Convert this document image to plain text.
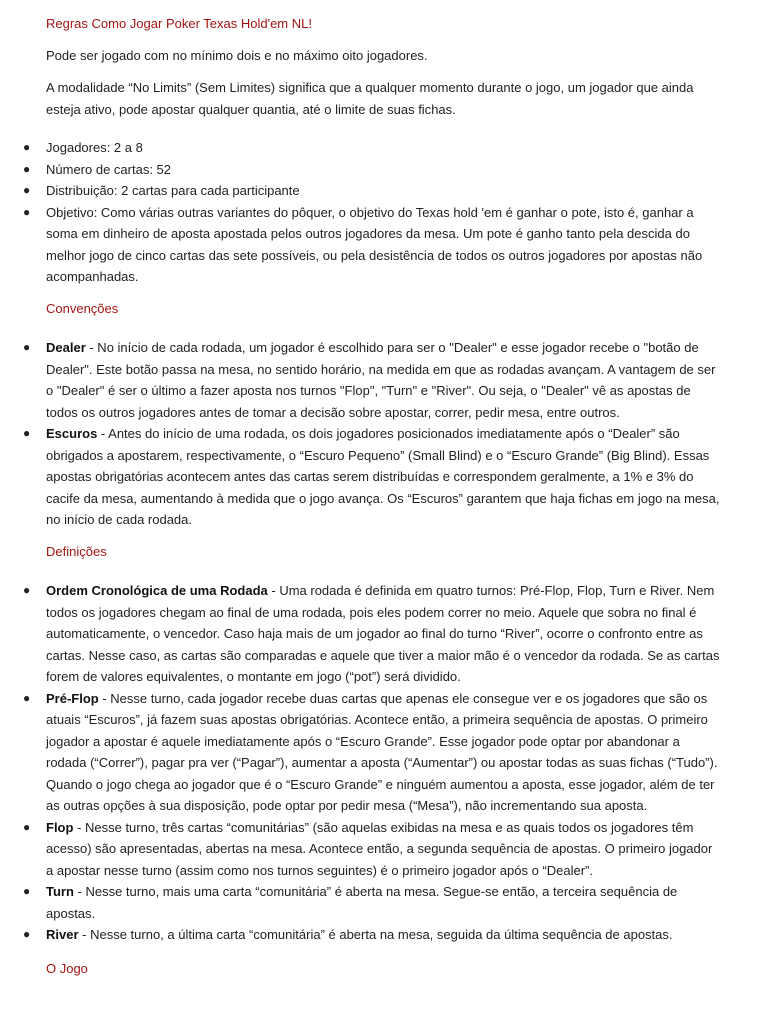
Regras Como Jogar Poker Texas Hold'em NL!

Pode ser jogado com no mínimo dois e no máximo oito jogadores.

A modalidade “No Limits” (Sem Limites) significa que a qualquer momento durante o jogo, um jogador que ainda esteja ativo, pode apostar qualquer quantia, até o limite de suas fichas.

● Jogadores: 2 a 8
● Número de cartas: 52
● Distribuição: 2 cartas para cada participante
● Objetivo: Como várias outras variantes do pôquer, o objetivo do Texas hold 'em é ganhar o pote, isto é, ganhar a soma em dinheiro de aposta apostada pelos outros jogadores da mesa. Um pote é ganho tanto pela descida do melhor jogo de cinco cartas das sete possíveis, ou pela desistência de todos os outros jogadores por apostas não acompanhadas.
Convenções
● Dealer - No início de cada rodada, um jogador é escolhido para ser o "Dealer" e esse jogador recebe o "botão de Dealer". Este botão passa na mesa, no sentido horário, na medida em que as rodadas avançam. A vantagem de ser o "Dealer" é ser o último a fazer aposta nos turnos "Flop", "Turn" e "River". Ou seja, o "Dealer" vê as apostas de todos os outros jogadores antes de tomar a decisão sobre apostar, correr, pedir mesa, entre outros.
● Escuros - Antes do início de uma rodada, os dois jogadores posicionados imediatamente após o “Dealer” são obrigados a apostarem, respectivamente, o “Escuro Pequeno” (Small Blind) e o “Escuro Grande” (Big Blind). Essas apostas obrigatórias acontecem antes das cartas serem distribuídas e correspondem geralmente, a 1% e 3% do cacife da mesa, aumentando à medida que o jogo avança. Os “Escuros” garantem que haja fichas em jogo na mesa, no início de cada rodada.
Definições
● Ordem Cronológica de uma Rodada - Uma rodada é definida em quatro turnos: Pré-Flop, Flop, Turn e River. Nem todos os jogadores chegam ao final de uma rodada, pois eles podem correr no meio. Aquele que sobra no final é automaticamente, o vencedor. Caso haja mais de um jogador ao final do turno “River”, ocorre o confronto entre as cartas. Nesse caso, as cartas são comparadas e aquele que tiver a maior mão é o vencedor da rodada. Se as cartas forem de valores equivalentes, o montante em jogo (“pot”) será dividido.
● Pré-Flop - Nesse turno, cada jogador recebe duas cartas que apenas ele consegue ver e os jogadores que são os atuais “Escuros”, já fazem suas apostas obrigatórias. Acontece então, a primeira sequência de apostas. O primeiro jogador a apostar é aquele imediatamente após o “Escuro Grande”. Esse jogador pode optar por abandonar a rodada (“Correr”), pagar pra ver (“Pagar”), aumentar a aposta (“Aumentar”) ou apostar todas as suas fichas (“Tudo”). Quando o jogo chega ao jogador que é o “Escuro Grande” e ninguém aumentou a aposta, esse jogador, além de ter as outras opções à sua disposição, pode optar por pedir mesa (“Mesa”), não incrementando sua aposta.
● Flop - Nesse turno, três cartas “comunitárias” (são aquelas exibidas na mesa e as quais todos os jogadores têm acesso) são apresentadas, abertas na mesa. Acontece então, a segunda sequência de apostas. O primeiro jogador a apostar nesse turno (assim como nos turnos seguintes) é o primeiro jogador após o “Dealer”.
● Turn - Nesse turno, mais uma carta “comunitária” é aberta na mesa. Segue-se então, a terceira sequência de apostas.
● River - Nesse turno, a última carta “comunitária” é aberta na mesa, seguida da última sequência de apostas.
O Jogo
